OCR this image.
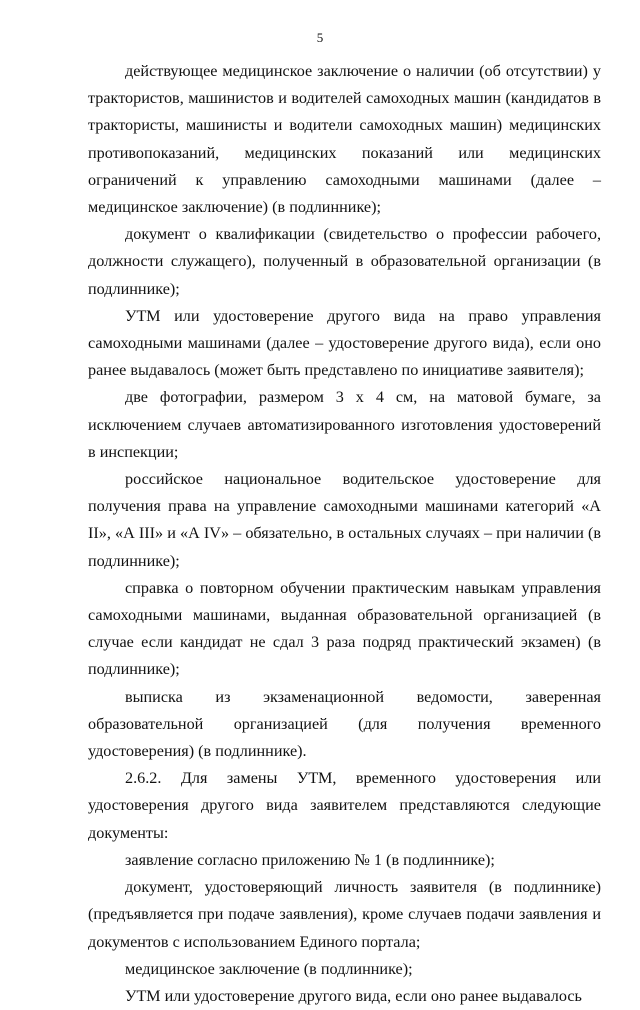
5

действующее медицинское заключение о наличии (об отсутствии) у трактористов, машинистов и водителей самоходных машин (кандидатов в трактористы, машинисты и водители самоходных машин) медицинских противопоказаний, медицинских показаний или медицинских ограничений к управлению самоходными машинами (далее – медицинское заключение) (в подлиннике);

документ о квалификации (свидетельство о профессии рабочего, должности служащего), полученный в образовательной организации (в подлиннике);

УТМ или удостоверение другого вида на право управления самоходными машинами (далее – удостоверение другого вида), если оно ранее выдавалось (может быть представлено по инициативе заявителя);

две фотографии, размером 3 х 4 см, на матовой бумаге, за исключением случаев автоматизированного изготовления удостоверений в инспекции;

российское национальное водительское удостоверение для получения права на управление самоходными машинами категорий «А II», «А III» и «А IV» – обязательно, в остальных случаях – при наличии (в подлиннике);

справка о повторном обучении практическим навыкам управления самоходными машинами, выданная образовательной организацией (в случае если кандидат не сдал 3 раза подряд практический экзамен) (в подлиннике);

выписка из экзаменационной ведомости, заверенная образовательной организацией (для получения временного удостоверения) (в подлиннике).

2.6.2. Для замены УТМ, временного удостоверения или удостоверения другого вида заявителем представляются следующие документы:

заявление согласно приложению № 1 (в подлиннике);

документ, удостоверяющий личность заявителя (в подлиннике) (предъявляется при подаче заявления), кроме случаев подачи заявления и документов с использованием Единого портала;

медицинское заключение (в подлиннике);

УТМ или удостоверение другого вида, если оно ранее выдавалось
